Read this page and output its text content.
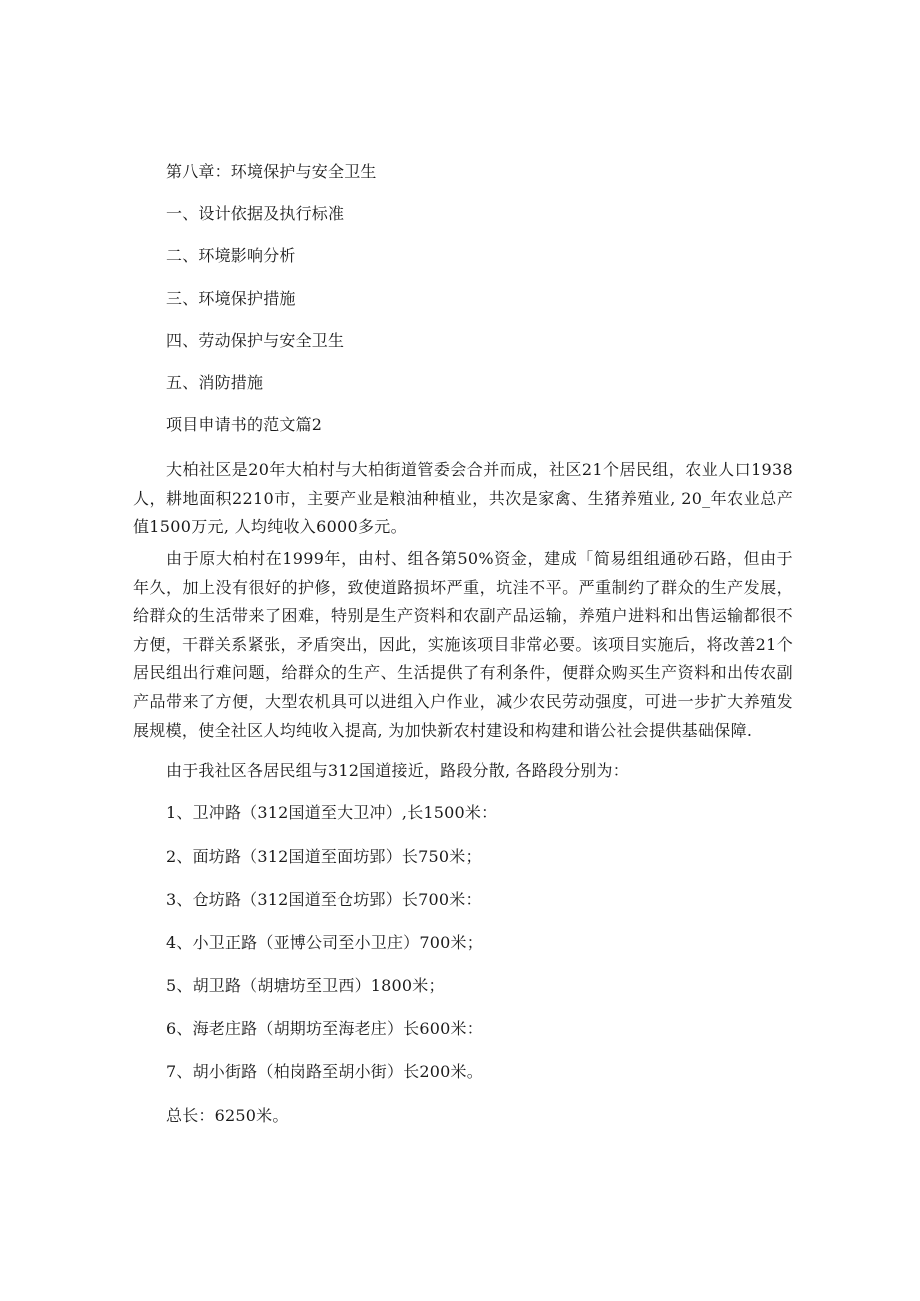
第八章：环境保护与安全卫生
一、设计依据及执行标准
二、环境影响分析
三、环境保护措施
四、劳动保护与安全卫生
五、消防措施
项目申请书的范文篇2
大柏社区是20年大柏村与大柏街道管委会合并而成，社区21个居民组，农业人口1938人，耕地面积2210市，主要产业是粮油种植业，共次是家禽、生猪养殖业, 20_年农业总产值1500万元, 人均纯收入6000多元。
由于原大柏村在1999年，由村、组各第50%资金，建成「简易组组通砂石路，但由于年久，加上没有很好的护修，致使道路损坏严重，坑洼不平。严重制约了群众的生产发展，给群众的生活带来了困难，特别是生产资料和农副产品运输，养殖户进料和出售运输都很不方便，干群关系紧张，矛盾突出，因此，实施该项目非常必要。该项目实施后，将改善21个居民组出行难问题，给群众的生产、生活提供了有利条件，便群众购买生产资料和出传农副产品带来了方便，大型农机具可以进组入户作业，减少农民劳动强度，可进一步扩大养殖发展规模，使全社区人均纯收入提高, 为加快新农村建设和构建和谐公社会提供基础保障.
由于我社区各居民组与312国道接近，路段分散, 各路段分别为：
1、卫冲路（312国道至大卫冲）,长1500米：
2、面坊路（312国道至面坊郢）长750米；
3、仓坊路（312国道至仓坊郢）长700米：
4、小卫正路（亚博公司至小卫庄）700米；
5、胡卫路（胡塘坊至卫西）1800米；
6、海老庄路（胡期坊至海老庄）长600米：
7、胡小街路（柏岗路至胡小街）长200米。
总长：6250米。
